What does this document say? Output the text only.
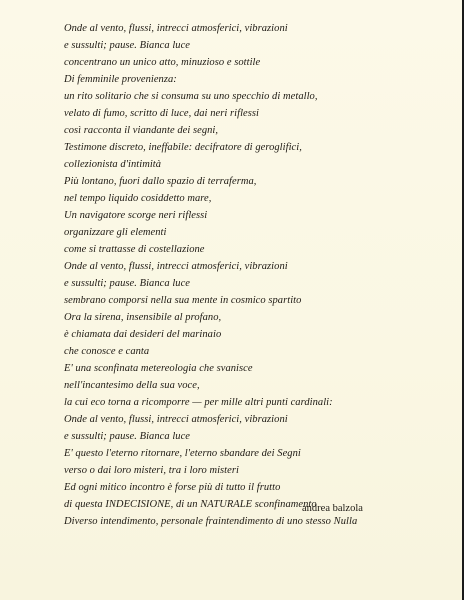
Onde al vento, flussi, intrecci atmosferici, vibrazioni
e sussulti; pause. Bianca luce
concentrano un unico atto, minuzioso e sottile
Di femminile provenienza:
un rito solitario che si consuma su uno specchio di metallo,
velato di fumo, scritto di luce, dai neri riflessi
così racconta il viandante dei segni,
Testimone discreto, ineffabile: decifratore di geroglifici,
collezionista d'intimità
Più lontano, fuori dallo spazio di terraferma,
nel tempo liquido cosiddetto mare,
Un navigatore scorge neri riflessi
organizzare gli elementi
come si trattasse di costellazione
Onde al vento, flussi, intrecci atmosferici, vibrazioni
e sussulti; pause. Bianca luce
sembrano comporsi nella sua mente in cosmico spartito
Ora la sirena, insensibile al profano,
è chiamata dai desideri del marinaio
che conosce e canta
E' una sconfinata metereologia che svanisce
nell'incantesimo della sua voce,
la cui eco torna a ricomporre — per mille altri punti cardinali:
Onde al vento, flussi, intrecci atmosferici, vibrazioni
e sussulti; pause. Bianca luce
E' questo l'eterno ritornare, l'eterno sbandare dei Segni
verso o dai loro misteri, tra i loro misteri
Ed ogni mitico incontro è forse più di tutto il frutto
di questa INDECISIONE, di un NATURALE sconfinamento
Diverso intendimento, personale fraintendimento di uno stesso Nulla
andrea balzola
